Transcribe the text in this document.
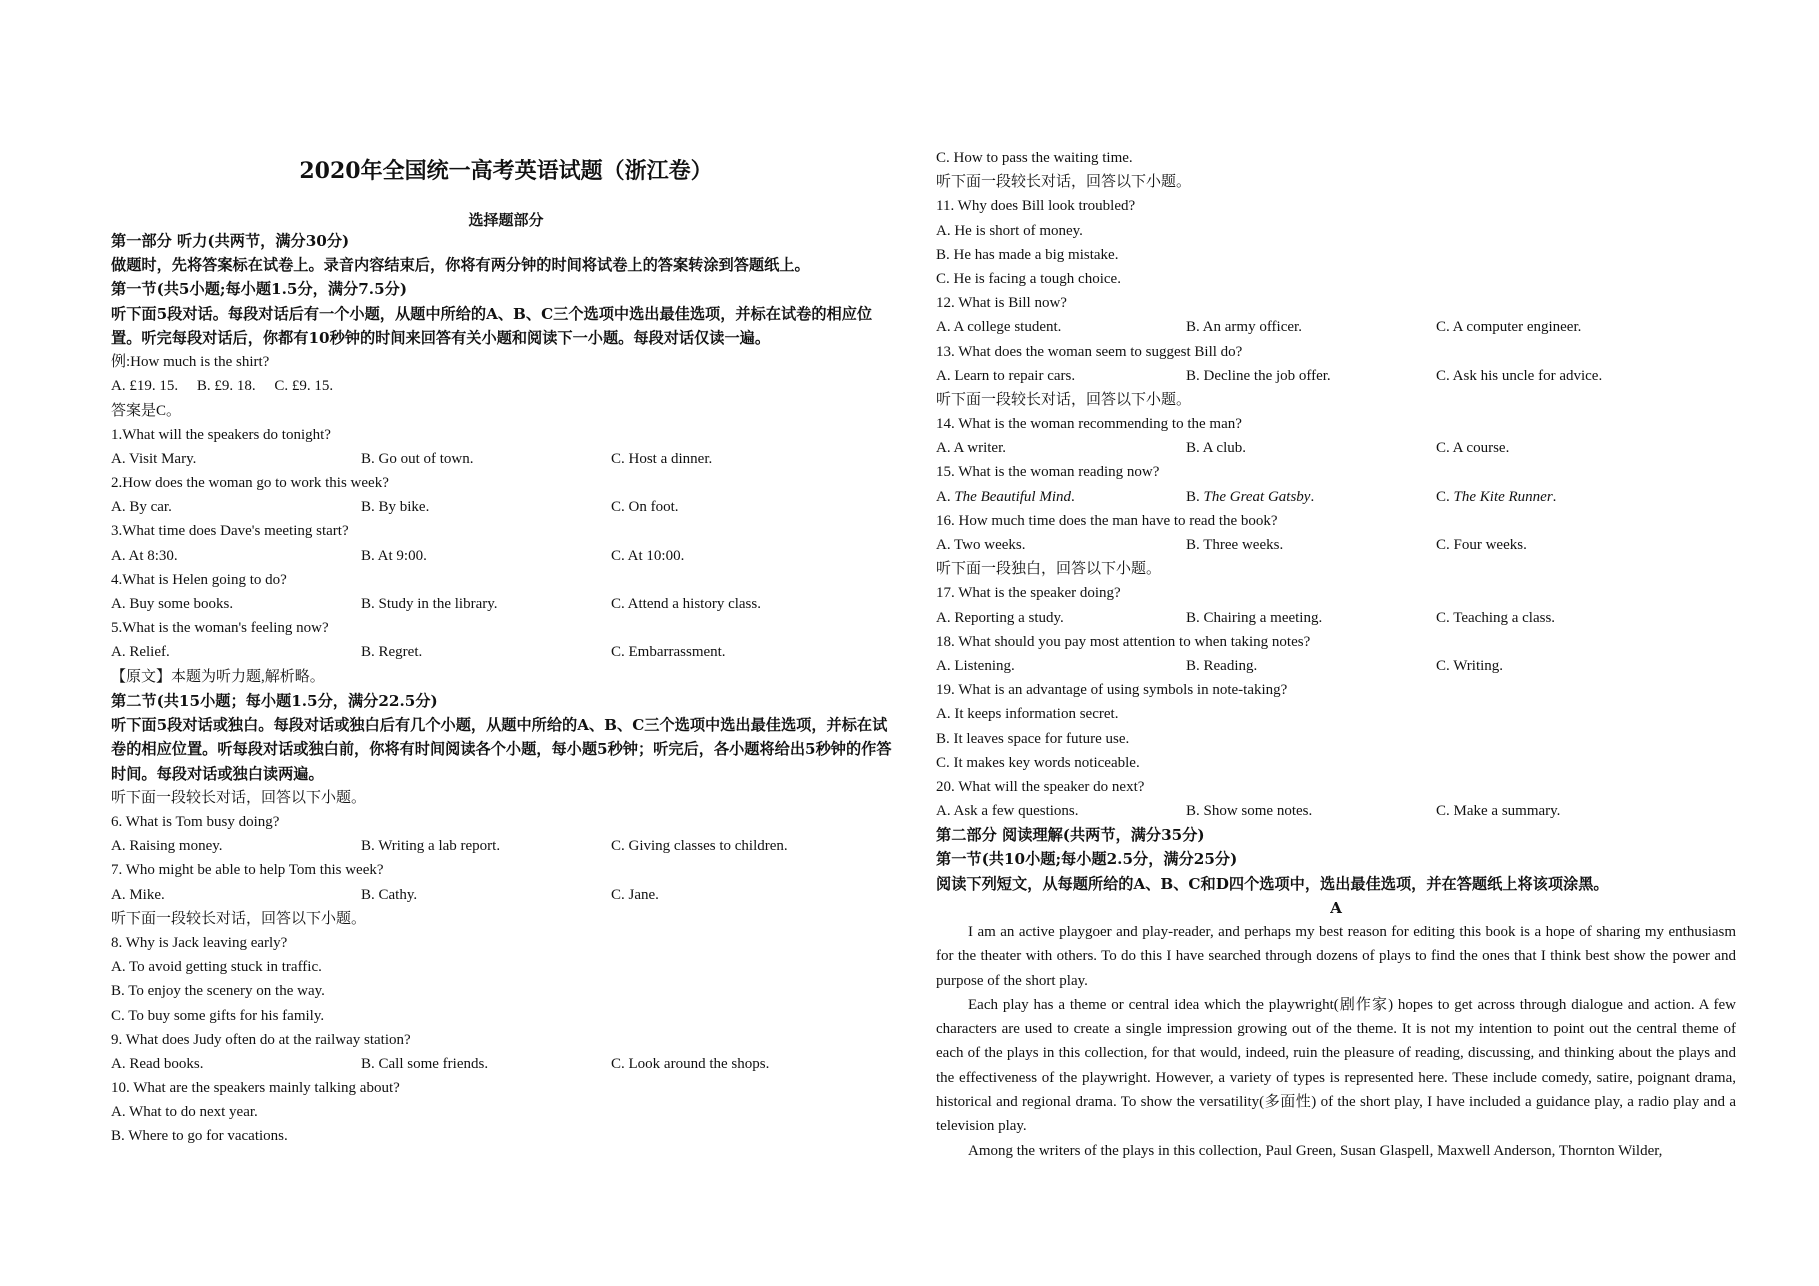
2020年全国统一高考英语试题（浙江卷）
选择题部分
第一部分 听力(共两节，满分30分)
做题时，先将答案标在试卷上。录音内容结束后，你将有两分钟的时间将试卷上的答案转涂到答题纸上。
第一节(共5小题;每小题1.5分，满分7.5分)
听下面5段对话。每段对话后有一个小题，从题中所给的A、B、C三个选项中选出最佳选项，并标在试卷的相应位置。听完每段对话后，你都有10秒钟的时间来回答有关小题和阅读下一小题。每段对话仅读一遍。
例:How much is the shirt?
A. £19. 15.     B. £9. 18.     C. £9. 15.
答案是C。
1.What will the speakers do tonight?
A. Visit Mary.	B. Go out of town.	C. Host a dinner.
2.How does the woman go to work this week?
A. By car.	B. By bike.	C. On foot.
3.What time does Dave's meeting start?
A. At 8:30.	B. At 9:00.	C. At 10:00.
4.What is Helen going to do?
A. Buy some books.	B. Study in the library.	C. Attend a history class.
5.What is the woman's feeling now?
A. Relief.	B. Regret.	C. Embarrassment.
【原文】本题为听力题,解析略。
第二节(共15小题；每小题1.5分，满分22.5分)
听下面5段对话或独白。每段对话或独白后有几个小题，从题中所给的A、B、C三个选项中选出最佳选项，并标在试卷的相应位置。听每段对话或独白前，你将有时间阅读各个小题，每小题5秒钟；听完后，各小题将给出5秒钟的作答时间。每段对话或独白读两遍。
听下面一段较长对话，回答以下小题。
6. What is Tom busy doing?
A. Raising money.	B. Writing a lab report.	C. Giving classes to children.
7. Who might be able to help Tom this week?
A. Mike.	B. Cathy.	C. Jane.
听下面一段较长对话，回答以下小题。
8. Why is Jack leaving early?
A. To avoid getting stuck in traffic.
B. To enjoy the scenery on the way.
C. To buy some gifts for his family.
9. What does Judy often do at the railway station?
A. Read books.	B. Call some friends.	C. Look around the shops.
10. What are the speakers mainly talking about?
A. What to do next year.
B. Where to go for vacations.
C. How to pass the waiting time.
听下面一段较长对话，回答以下小题。
11. Why does Bill look troubled?
A. He is short of money.
B. He has made a big mistake.
C. He is facing a tough choice.
12. What is Bill now?
A. A college student.	B. An army officer.	C. A computer engineer.
13. What does the woman seem to suggest Bill do?
A. Learn to repair cars.	B. Decline the job offer.	C. Ask his uncle for advice.
听下面一段较长对话，回答以下小题。
14. What is the woman recommending to the man?
A. A writer.	B. A club.	C. A course.
15. What is the woman reading now?
A. The Beautiful Mind.	B. The Great Gatsby.	C. The Kite Runner.
16. How much time does the man have to read the book?
A. Two weeks.	B. Three weeks.	C. Four weeks.
听下面一段独白，回答以下小题。
17. What is the speaker doing?
A. Reporting a study.	B. Chairing a meeting.	C. Teaching a class.
18. What should you pay most attention to when taking notes?
A. Listening.	B. Reading.	C. Writing.
19. What is an advantage of using symbols in note-taking?
A. It keeps information secret.
B. It leaves space for future use.
C. It makes key words noticeable.
20. What will the speaker do next?
A. Ask a few questions.	B. Show some notes.	C. Make a summary.
第二部分 阅读理解(共两节，满分35分)
第一节(共10小题;每小题2.5分，满分25分)
阅读下列短文，从每题所给的A、B、C和D四个选项中，选出最佳选项，并在答题纸上将该项涂黑。
A
I am an active playgoer and play-reader, and perhaps my best reason for editing this book is a hope of sharing my enthusiasm for the theater with others. To do this I have searched through dozens of plays to find the ones that I think best show the power and purpose of the short play.
Each play has a theme or central idea which the playwright(剧作家) hopes to get across through dialogue and action. A few characters are used to create a single impression growing out of the theme. It is not my intention to point out the central theme of each of the plays in this collection, for that would, indeed, ruin the pleasure of reading, discussing, and thinking about the plays and the effectiveness of the playwright. However, a variety of types is represented here. These include comedy, satire, poignant drama, historical and regional drama. To show the versatility(多面性) of the short play, I have included a guidance play, a radio play and a television play.
Among the writers of the plays in this collection, Paul Green, Susan Glaspell, Maxwell Anderson, Thornton Wilder,
